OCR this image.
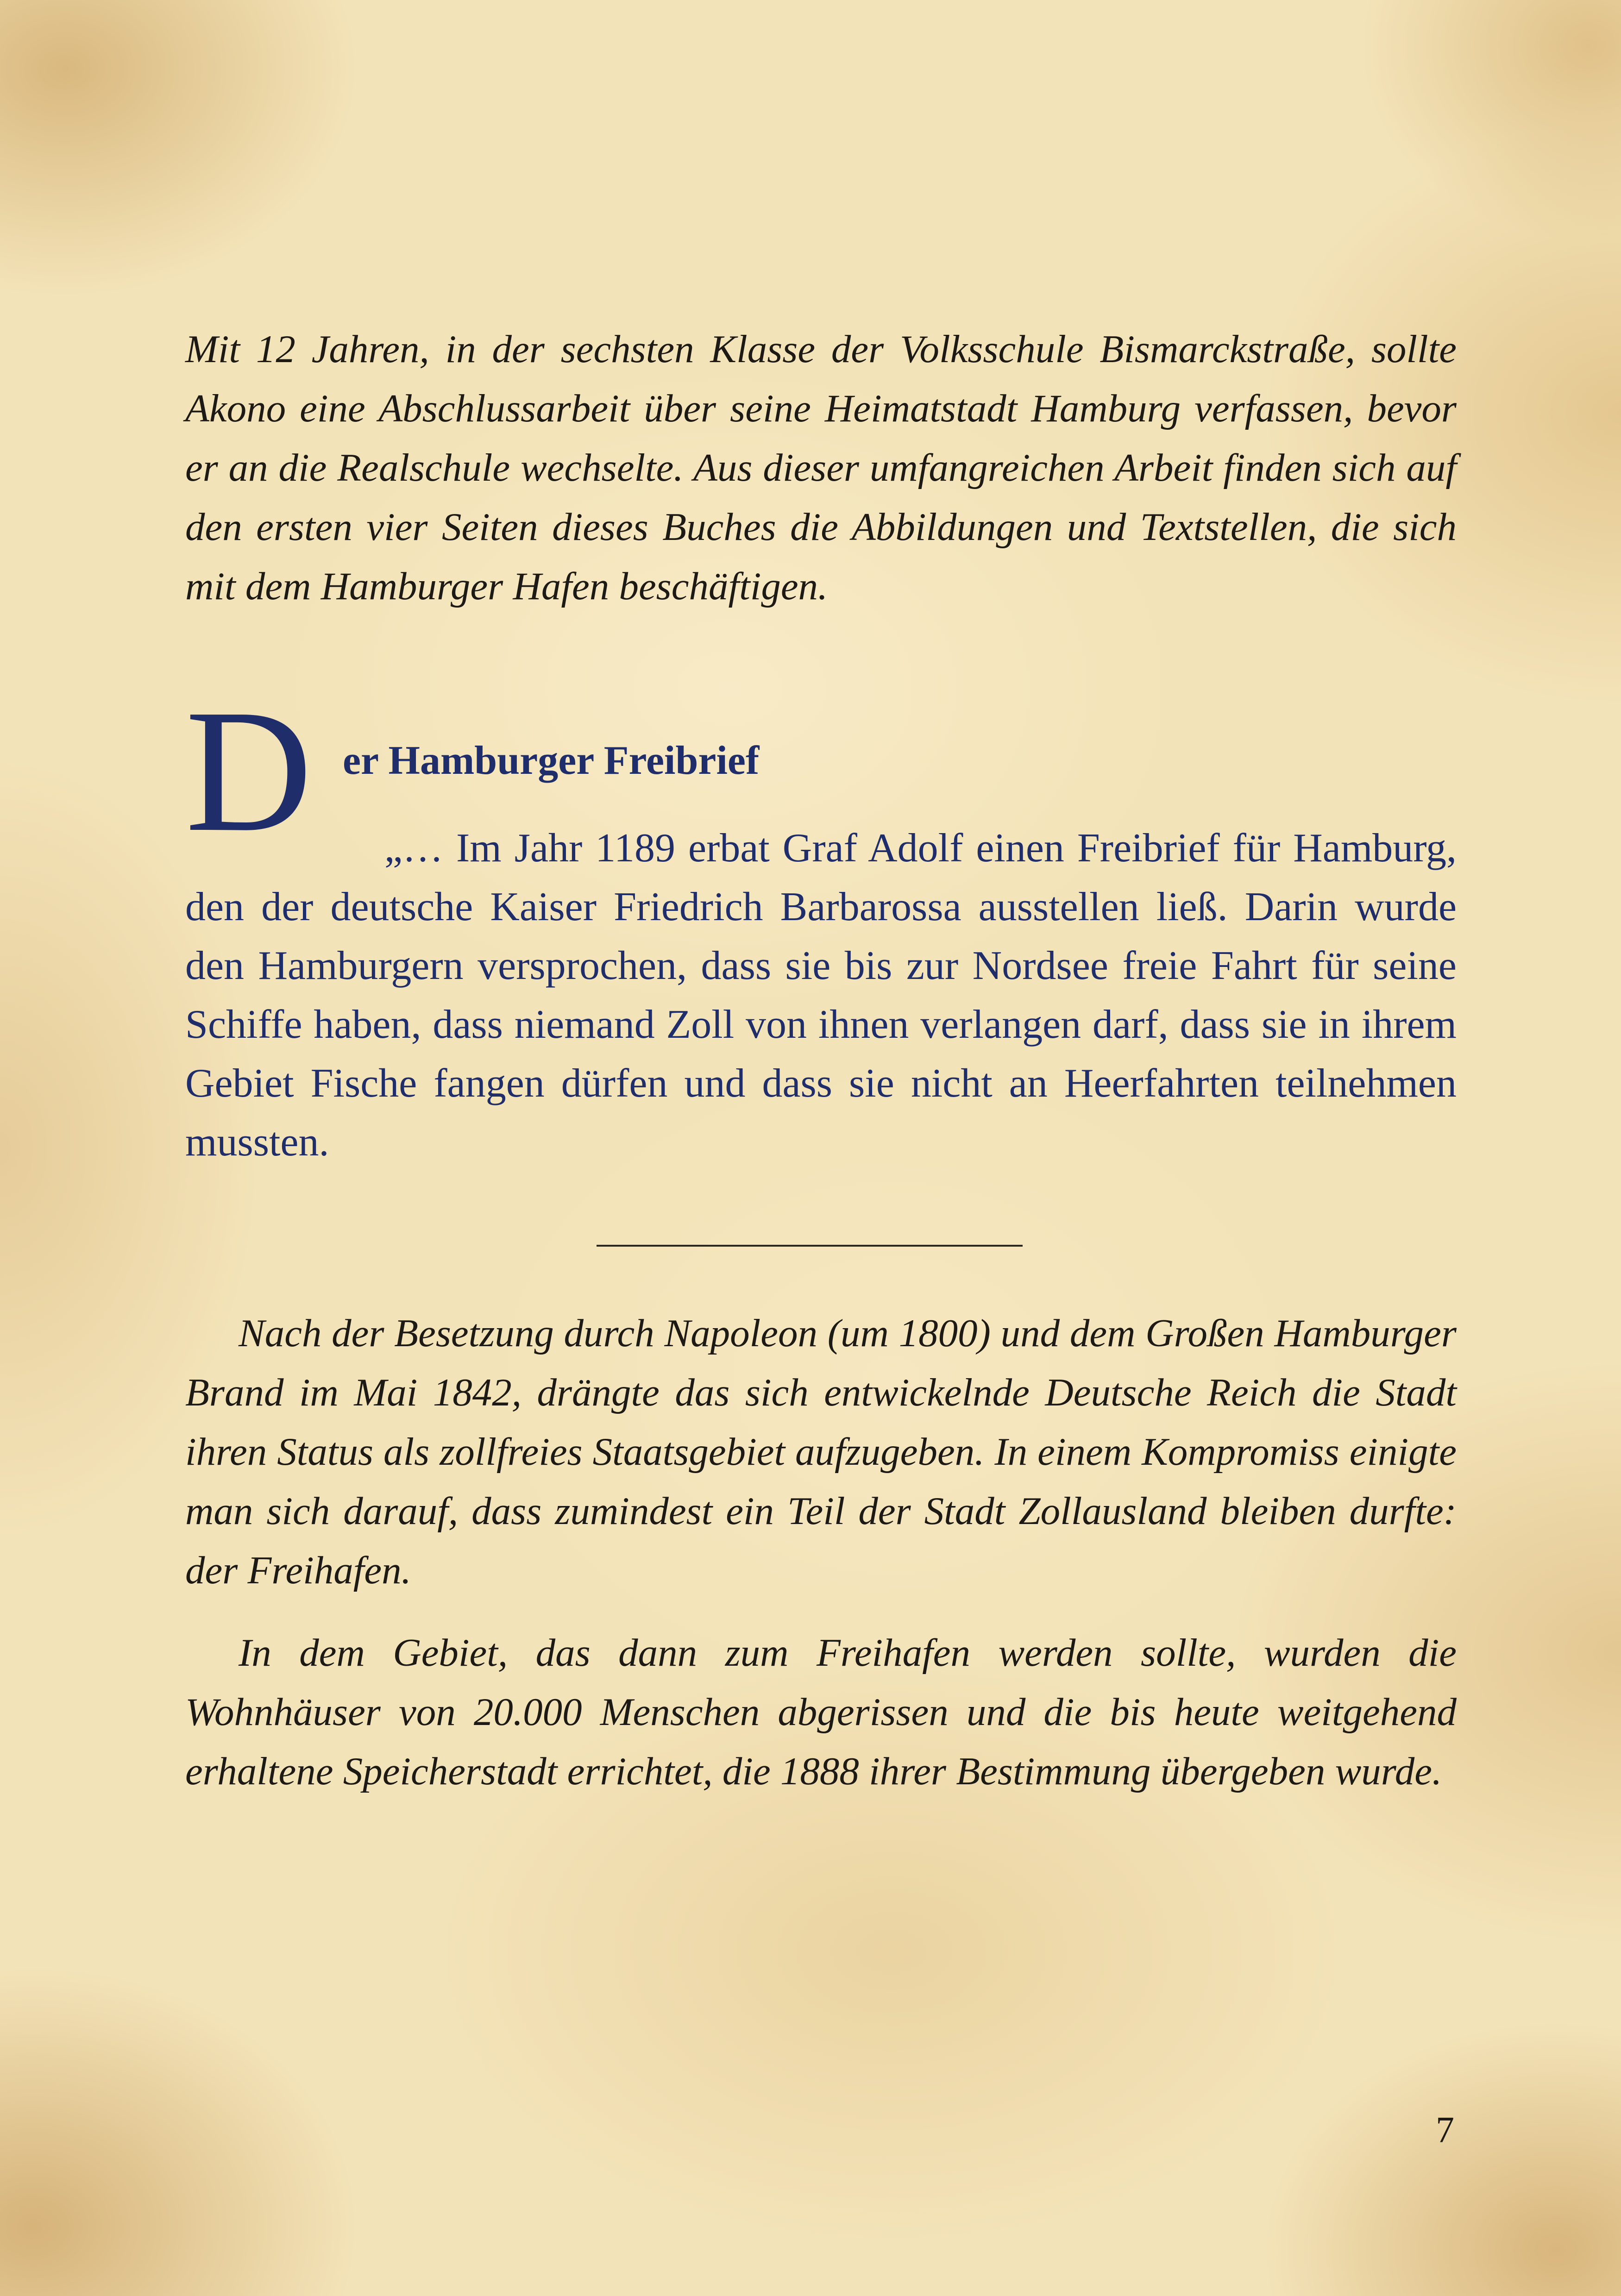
Mit 12 Jahren, in der sechsten Klasse der Volksschule Bismarckstraße, sollte Akono eine Abschlussarbeit über seine Heimatstadt Hamburg verfassen, bevor er an die Realschule wechselte. Aus dieser umfangreichen Arbeit finden sich auf den ersten vier Seiten dieses Buches die Abbildungen und Textstellen, die sich mit dem Hamburger Hafen beschäftigen.

D er Hamburger Freibrief

„… Im Jahr 1189 erbat Graf Adolf einen Freibrief für Hamburg, den der deutsche Kaiser Friedrich Barbarossa ausstellen ließ. Darin wurde den Hamburgern versprochen, dass sie bis zur Nordsee freie Fahrt für seine Schiffe haben, dass niemand Zoll von ihnen verlangen darf, dass sie in ihrem Gebiet Fische fangen dürfen und dass sie nicht an Heerfahrten teilnehmen mussten.

Nach der Besetzung durch Napoleon (um 1800) und dem Großen Hamburger Brand im Mai 1842, drängte das sich entwickelnde Deutsche Reich die Stadt ihren Status als zollfreies Staatsgebiet aufzugeben. In einem Kompromiss einigte man sich darauf, dass zumindest ein Teil der Stadt Zollausland bleiben durfte: der Freihafen.

In dem Gebiet, das dann zum Freihafen werden sollte, wurden die Wohnhäuser von 20.000 Menschen abgerissen und die bis heute weitgehend erhaltene Speicherstadt errichtet, die 1888 ihrer Bestimmung übergeben wurde.

7
